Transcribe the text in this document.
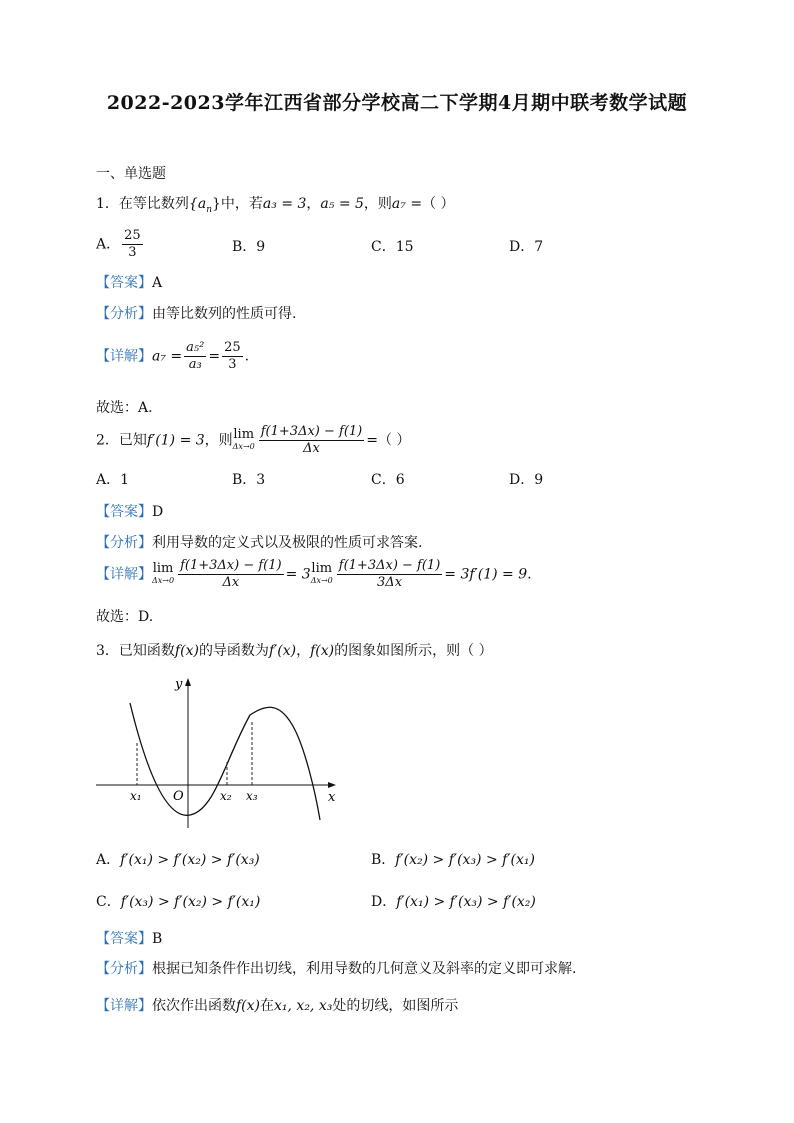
2022-2023学年江西省部分学校高二下学期4月期中联考数学试题
一、单选题
1．在等比数列$\{a_n\}$中，若a₃ = 3，a₅ = 5，则a₇ =（ ）
A． $\frac{25}{3}$	B．9	C．15	D．7
【答案】A
【分析】由等比数列的性质可得.
【详解】$a_7 = \frac{\text{a₅²}}{\text{a₃}} = \frac{25}{3}$ .
故选：A.
2．已知f′(1) = 3，则 lim
$\Delta x\to 0 \frac{f(1+3\Delta x) - f(1)}{\Delta x}$ =（ ）
A．1	B．3	C．6	D．9
【答案】D
【分析】利用导数的定义式以及极限的性质可求答案.
【详解】 lim
$\Delta x\to 0 \frac{f(1+3\Delta x) - f(1)}{\Delta x} = 3$ lim
$\Delta x\to 0 \frac{f(1+3\Delta x) - f(1)}{3\Delta x} = 3f'(1) = 9$.
故选：D.
3．已知函数f(x)的导函数为f′(x)，f(x)的图象如图所示，则（ ）
y
x
O
x₁	x₂ x₃
A．f′(x₁) > f′(x₂) > f′(x₃)	B．f′(x₂) > f′(x₃) > f′(x₁)
C．f′(x₃) > f′(x₂) > f′(x₁)	D．f′(x₁) > f′(x₃) > f′(x₂)
【答案】B
【分析】根据已知条件作出切线，利用导数的几何意义及斜率的定义即可求解.
【详解】依次作出函数f(x)在x₁, x₂, x₃处的切线，如图所示
